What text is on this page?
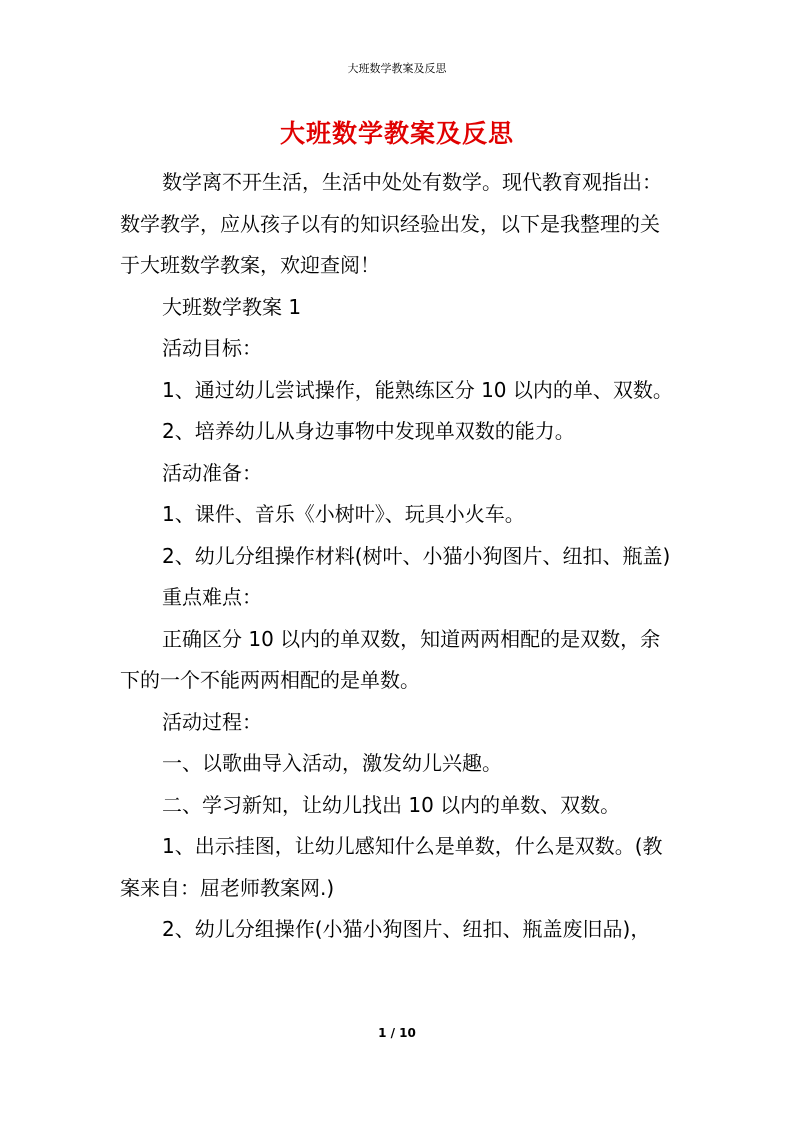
大班数学教案及反思
大班数学教案及反思

数学离不开生活，生活中处处有数学。现代教育观指出：数学教学，应从孩子以有的知识经验出发，以下是我整理的关于大班数学教案，欢迎查阅！

大班数学教案 1

活动目标：

1、通过幼儿尝试操作，能熟练区分 10 以内的单、双数。

2、培养幼儿从身边事物中发现单双数的能力。

活动准备：

1、课件、音乐《小树叶》、玩具小火车。

2、幼儿分组操作材料(树叶、小猫小狗图片、纽扣、瓶盖)

重点难点：

正确区分 10 以内的单双数，知道两两相配的是双数，余下的一个不能两两相配的是单数。

活动过程：

一、以歌曲导入活动，激发幼儿兴趣。

二、学习新知，让幼儿找出 10 以内的单数、双数。

1、出示挂图，让幼儿感知什么是单数，什么是双数。(教案来自：屈老师教案网.)

2、幼儿分组操作(小猫小狗图片、纽扣、瓶盖废旧品)，

1 / 10
